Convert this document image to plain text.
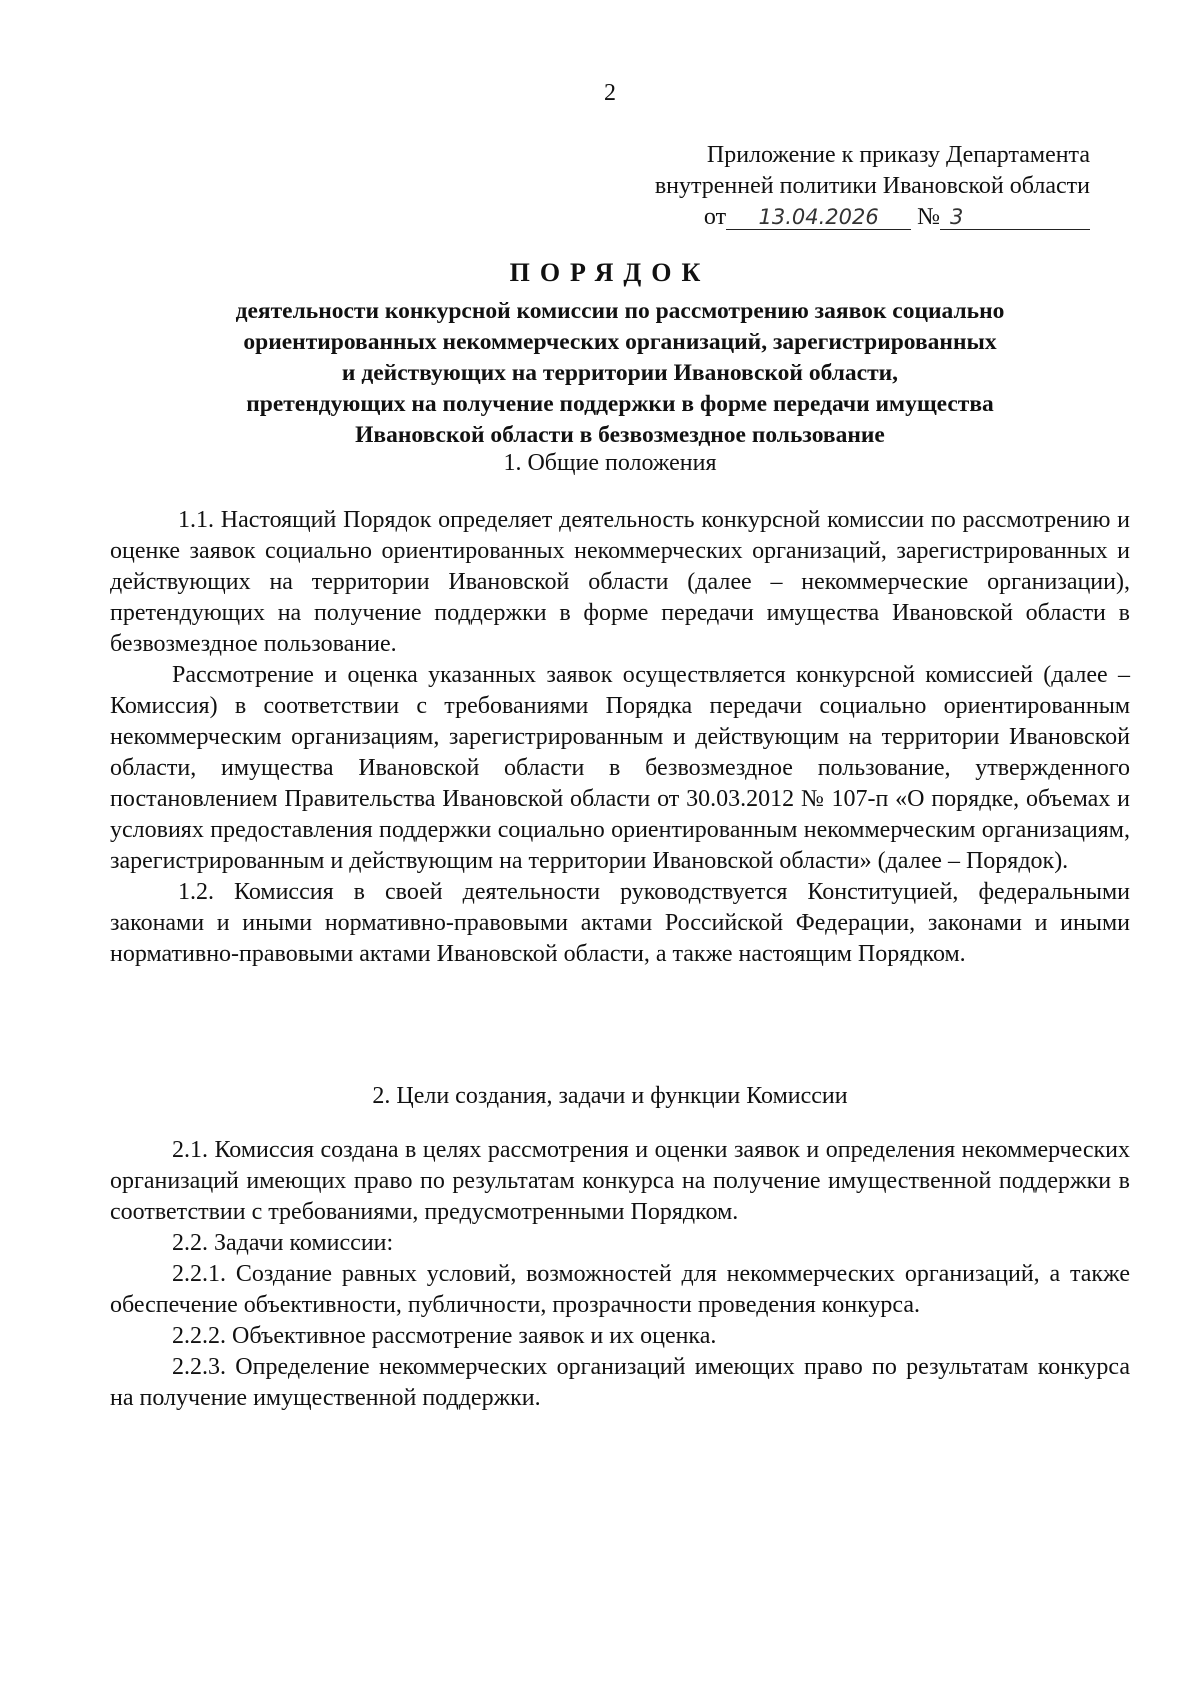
2
Приложение к приказу Департамента
внутренней политики Ивановской области
от 13.04.2026 № 3
ПОРЯДОК
деятельности конкурсной комиссии по рассмотрению заявок социально
ориентированных некоммерческих организаций, зарегистрированных
и действующих на территории Ивановской области,
претендующих на получение поддержки в форме передачи имущества
Ивановской области в безвозмездное пользование
1. Общие положения

1.1. Настоящий Порядок определяет деятельность конкурсной комиссии по рассмотрению и оценке заявок социально ориентированных некоммерческих организаций, зарегистрированных и действующих на территории Ивановской области (далее – некоммерческие организации), претендующих на получение поддержки в форме передачи имущества Ивановской области в безвозмездное пользование.

Рассмотрение и оценка указанных заявок осуществляется конкурсной комиссией (далее – Комиссия) в соответствии с требованиями Порядка передачи социально ориентированным некоммерческим организациям, зарегистрированным и действующим на территории Ивановской области, имущества Ивановской области в безвозмездное пользование, утвержденного постановлением Правительства Ивановской области от 30.03.2012 № 107-п «О порядке, объемах и условиях предоставления поддержки социально ориентированным некоммерческим организациям, зарегистрированным и действующим на территории Ивановской области» (далее – Порядок).

1.2. Комиссия в своей деятельности руководствуется Конституцией, федеральными законами и иными нормативно-правовыми актами Российской Федерации, законами и иными нормативно-правовыми актами Ивановской области, а также настоящим Порядком.

2. Цели создания, задачи и функции Комиссии

2.1. Комиссия создана в целях рассмотрения и оценки заявок и определения некоммерческих организаций имеющих право по результатам конкурса на получение имущественной поддержки в соответствии с требованиями, предусмотренными Порядком.

2.2. Задачи комиссии:

2.2.1. Создание равных условий, возможностей для некоммерческих организаций, а также обеспечение объективности, публичности, прозрачности проведения конкурса.

2.2.2. Объективное рассмотрение заявок и их оценка.

2.2.3. Определение некоммерческих организаций имеющих право по результатам конкурса на получение имущественной поддержки.
